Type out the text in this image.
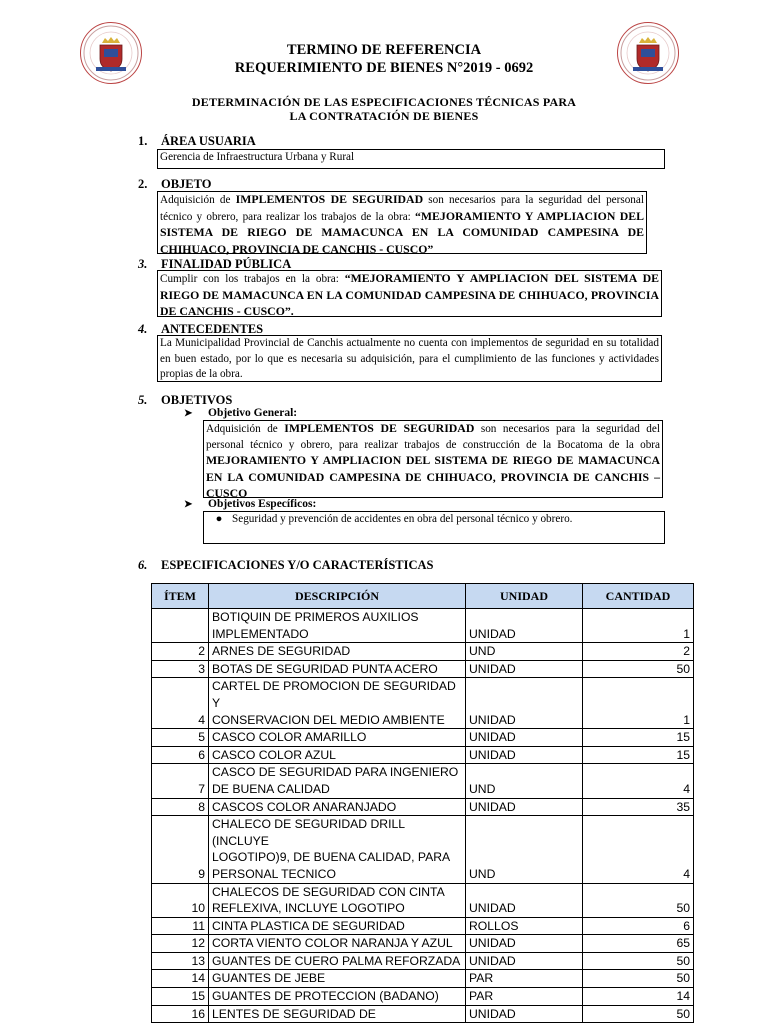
TERMINO DE REFERENCIA
REQUERIMIENTO DE BIENES N°2019 - 0692
DETERMINACIÓN DE LAS ESPECIFICACIONES TÉCNICAS PARA
LA CONTRATACIÓN DE BIENES
1. ÁREA USUARIA
Gerencia de Infraestructura Urbana y Rural
2. OBJETO
Adquisición de IMPLEMENTOS DE SEGURIDAD son necesarios para la seguridad del personal técnico y obrero, para realizar los trabajos de la obra: “MEJORAMIENTO Y AMPLIACION DEL SISTEMA DE RIEGO DE MAMACUNCA EN LA COMUNIDAD CAMPESINA DE CHIHUACO, PROVINCIA DE CANCHIS - CUSCO”
3. FINALIDAD PÚBLICA
Cumplir con los trabajos en la obra: “MEJORAMIENTO Y AMPLIACION DEL SISTEMA DE RIEGO DE MAMACUNCA EN LA COMUNIDAD CAMPESINA DE CHIHUACO, PROVINCIA DE CANCHIS - CUSCO”.
4. ANTECEDENTES
La Municipalidad Provincial de Canchis actualmente no cuenta con implementos de seguridad en su totalidad en buen estado, por lo que es necesaria su adquisición, para el cumplimiento de las funciones y actividades propias de la obra.
5. OBJETIVOS
➤ Objetivo General:
Adquisición de IMPLEMENTOS DE SEGURIDAD son necesarios para la seguridad del personal técnico y obrero, para realizar trabajos de construcción de la Bocatoma de la obra MEJORAMIENTO Y AMPLIACION DEL SISTEMA DE RIEGO DE MAMACUNCA EN LA COMUNIDAD CAMPESINA DE CHIHUACO, PROVINCIA DE CANCHIS – CUSCO
➤ Objetivos Específicos:
● Seguridad y prevención de accidentes en obra del personal técnico y obrero.
6. ESPECIFICACIONES Y/O CARACTERÍSTICAS
ÍTEM	DESCRIPCIÓN	UNIDAD	CANTIDAD

	BOTIQUIN DE PRIMEROS AUXILIOS
IMPLEMENTADO	UNIDAD	1
2	ARNES DE SEGURIDAD	UND	2
3	BOTAS DE SEGURIDAD PUNTA ACERO	UNIDAD	50
4	CARTEL DE PROMOCION DE SEGURIDAD Y
CONSERVACION DEL MEDIO AMBIENTE	UNIDAD	1
5	CASCO COLOR AMARILLO	UNIDAD	15
6	CASCO COLOR AZUL	UNIDAD	15
7	CASCO DE SEGURIDAD PARA INGENIERO
DE BUENA CALIDAD	UND	4
8	CASCOS COLOR ANARANJADO	UNIDAD	35
9	CHALECO DE SEGURIDAD DRILL (INCLUYE
LOGOTIPO)9, DE BUENA CALIDAD, PARA
PERSONAL TECNICO	UND	4
10	CHALECOS DE SEGURIDAD CON CINTA
REFLEXIVA, INCLUYE LOGOTIPO	UNIDAD	50
11	CINTA PLASTICA DE SEGURIDAD	ROLLOS	6
12	CORTA VIENTO COLOR NARANJA Y AZUL	UNIDAD	65
13	GUANTES DE CUERO PALMA REFORZADA	UNIDAD	50
14	GUANTES DE JEBE	PAR	50
15	GUANTES DE PROTECCION (BADANO)	PAR	14
16	LENTES DE SEGURIDAD DE	UNIDAD	50
